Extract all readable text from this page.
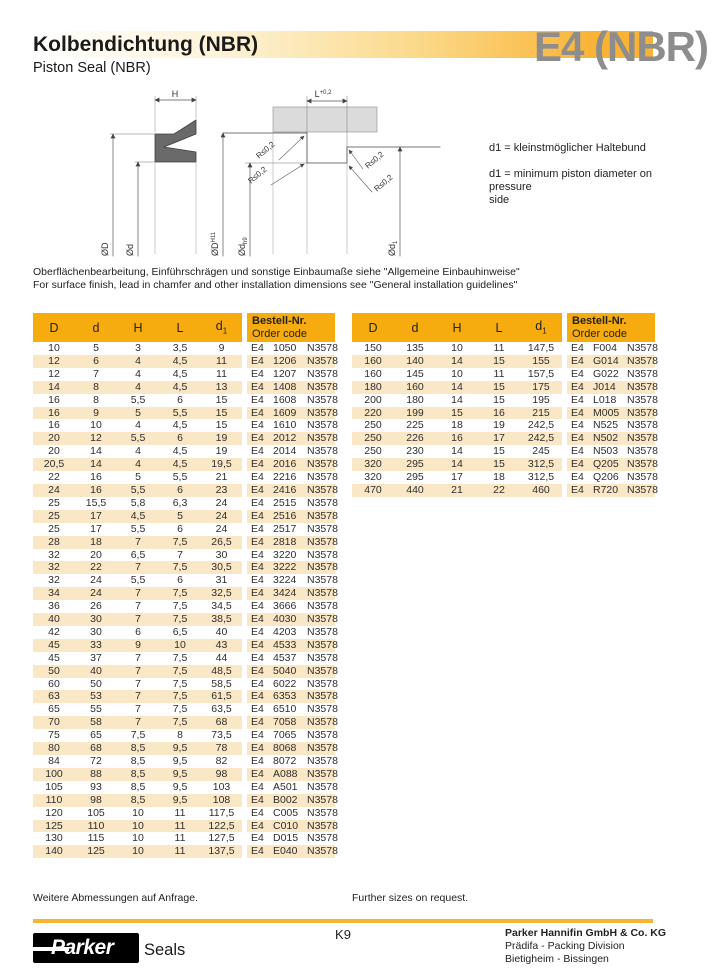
Kolbendichtung (NBR)
Piston Seal (NBR)	E4 (NBR)
H
ØD Ød
$L^{+0,2}$
$ØD^{H11}$
$Ød_{h9}$
$Ød_1$
R≤0,2
R≤0,2
R≤0,2
R≤0,2
d1 = kleinstmöglicher Haltebund
d1 = minimum piston diameter on pressure
side
Oberflächenbearbeitung, Einführschrägen und sonstige Einbaumaße siehe "Allgemeine Einbauhinweise"
For surface finish, lead in chamfer and other installation dimensions see "General installation guidelines"
D	d	H	L	$d_1$		Bestell-Nr.
Order code

10	5	3	3,5	9		E4 1050 N3578
12	6	4	4,5	11		E4 1206 N3578
12	7	4	4,5	11		E4 1207 N3578
14	8	4	4,5	13		E4 1408 N3578
16	8	5,5	6	15		E4 1608 N3578
16	9	5	5,5	15		E4 1609 N3578
16	10	4	4,5	15		E4 1610 N3578
20	12	5,5	6	19		E4 2012 N3578
20	14	4	4,5	19		E4 2014 N3578
20,5	14	4	4,5	19,5		E4 2016 N3578
22	16	5	5,5	21		E4 2216 N3578
24	16	5,5	6	23		E4 2416 N3578
25	15,5	5,8	6,3	24		E4 2515 N3578
25	17	4,5	5	24		E4 2516 N3578
25	17	5,5	6	24		E4 2517 N3578
28	18	7	7,5	26,5		E4 2818 N3578
32	20	6,5	7	30		E4 3220 N3578
32	22	7	7,5	30,5		E4 3222 N3578
32	24	5,5	6	31		E4 3224 N3578
34	24	7	7,5	32,5		E4 3424 N3578
36	26	7	7,5	34,5		E4 3666 N3578
40	30	7	7,5	38,5		E4 4030 N3578
42	30	6	6,5	40		E4 4203 N3578
45	33	9	10	43		E4 4533 N3578
45	37	7	7,5	44		E4 4537 N3578
50	40	7	7,5	48,5		E4 5040 N3578
60	50	7	7,5	58,5		E4 6022 N3578
63	53	7	7,5	61,5		E4 6353 N3578
65	55	7	7,5	63,5		E4 6510 N3578
70	58	7	7,5	68		E4 7058 N3578
75	65	7,5	8	73,5		E4 7065 N3578
80	68	8,5	9,5	78		E4 8068 N3578
84	72	8,5	9,5	82		E4 8072 N3578
100	88	8,5	9,5	98		E4 A088 N3578
105	93	8,5	9,5	103		E4 A501 N3578
110	98	8,5	9,5	108		E4 B002 N3578
120	105	10	11	117,5		E4 C005 N3578
125	110	10	11	122,5		E4 C010 N3578
130	115	10	11	127,5		E4 D015 N3578
140	125	10	11	137,5		E4 E040 N3578
D	d	H	L	$d_1$		Bestell-Nr.
Order code

150	135	10	11	147,5		E4 F004 N3578
160	140	14	15	155		E4 G014 N3578
160	145	10	11	157,5		E4 G022 N3578
180	160	14	15	175		E4 J014 N3578
200	180	14	15	195		E4 L018 N3578
220	199	15	16	215		E4 M005 N3578
250	225	18	19	242,5		E4 N525 N3578
250	226	16	17	242,5		E4 N502 N3578
250	230	14	15	245		E4 N503 N3578
320	295	14	15	312,5		E4 Q205 N3578
320	295	17	18	312,5		E4 Q206 N3578
470	440	21	22	460		E4 R720 N3578
Weitere Abmessungen auf Anfrage.	Further sizes on request.
K9
Parker Seals
Parker Hannifin GmbH & Co. KG
Prädifa - Packing Division
Bietigheim - Bissingen
